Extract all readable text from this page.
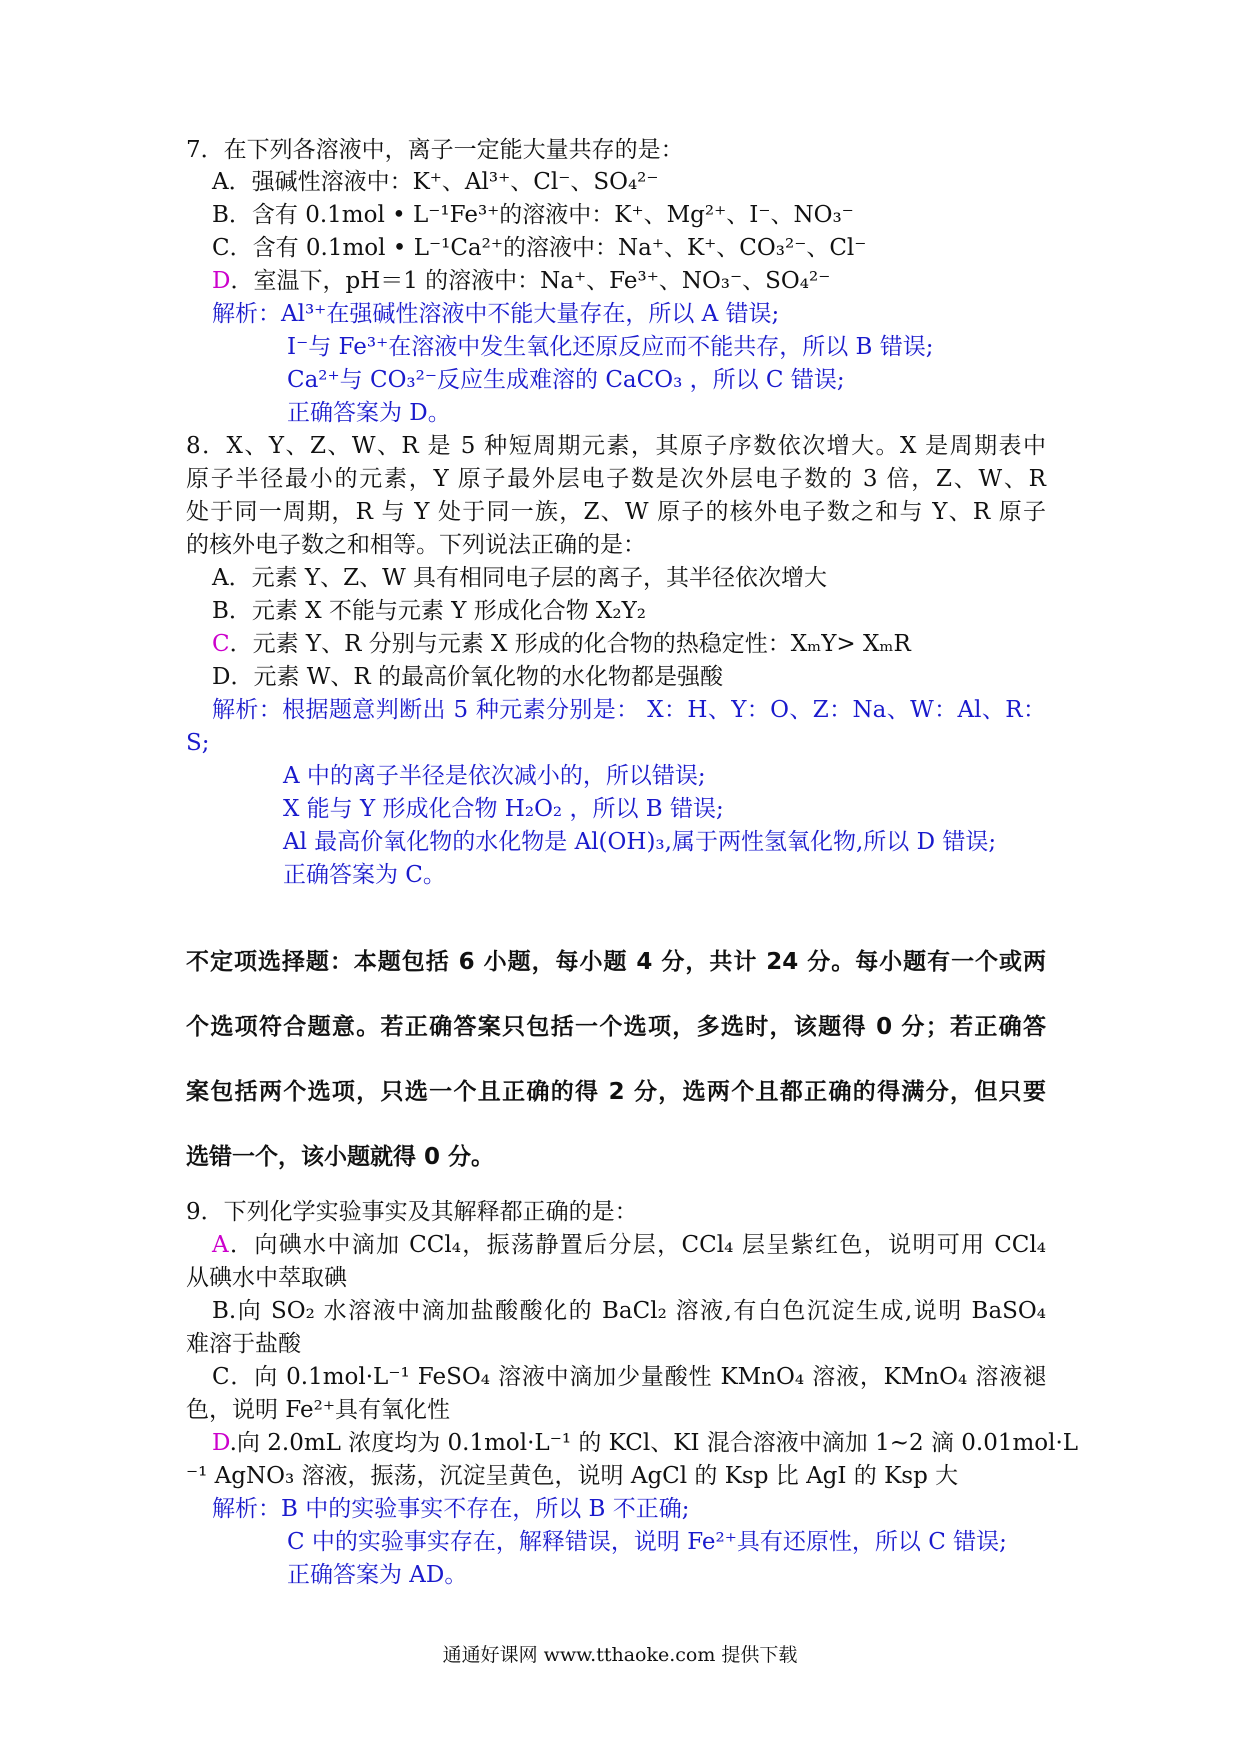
7．在下列各溶液中，离子一定能大量共存的是：
A．强碱性溶液中：K⁺、Al³⁺、Cl⁻、SO₄²⁻
B．含有 0.1mol • L⁻¹Fe³⁺的溶液中：K⁺、Mg²⁺、I⁻、NO₃⁻
C．含有 0.1mol • L⁻¹Ca²⁺的溶液中：Na⁺、K⁺、CO₃²⁻、Cl⁻
D．室温下，pH＝1 的溶液中：Na⁺、Fe³⁺、NO₃⁻、SO₄²⁻
解析：Al³⁺在强碱性溶液中不能大量存在，所以 A 错误;
I⁻与 Fe³⁺在溶液中发生氧化还原反应而不能共存，所以 B 错误;
Ca²⁺与 CO₃²⁻反应生成难溶的 CaCO₃ ，所以 C 错误;
正确答案为 D。
8．X、Y、Z、W、R 是 5 种短周期元素，其原子序数依次增大。X 是周期表中
原子半径最小的元素，Y 原子最外层电子数是次外层电子数的 3 倍，Z、W、R
处于同一周期，R 与 Y 处于同一族，Z、W 原子的核外电子数之和与 Y、R 原子
的核外电子数之和相等。下列说法正确的是：
A．元素 Y、Z、W 具有相同电子层的离子，其半径依次增大
B．元素 X 不能与元素 Y 形成化合物 X₂Y₂
C．元素 Y、R 分别与元素 X 形成的化合物的热稳定性：XₘY> XₘR
D．元素 W、R 的最高价氧化物的水化物都是强酸
解析：根据题意判断出 5 种元素分别是： X：H、Y：O、Z：Na、W：Al、R：
S;
A 中的离子半径是依次减小的，所以错误;
X 能与 Y 形成化合物 H₂O₂ ，所以 B 错误;
Al 最高价氧化物的水化物是 Al(OH)₃,属于两性氢氧化物,所以 D 错误;
正确答案为 C。
不定项选择题：本题包括 6 小题，每小题 4 分，共计 24 分。每小题有一个或两
个选项符合题意。若正确答案只包括一个选项，多选时，该题得 0 分；若正确答
案包括两个选项，只选一个且正确的得 2 分，选两个且都正确的得满分，但只要
选错一个，该小题就得 0 分。
9．下列化学实验事实及其解释都正确的是：
A．向碘水中滴加 CCl₄，振荡静置后分层，CCl₄ 层呈紫红色，说明可用 CCl₄
从碘水中萃取碘
B.向 SO₂ 水溶液中滴加盐酸酸化的 BaCl₂ 溶液,有白色沉淀生成,说明 BaSO₄
难溶于盐酸
C．向 0.1mol·L⁻¹ FeSO₄ 溶液中滴加少量酸性 KMnO₄ 溶液，KMnO₄ 溶液褪
色，说明 Fe²⁺具有氧化性
D.向 2.0mL 浓度均为 0.1mol·L⁻¹ 的 KCl、KI 混合溶液中滴加 1~2 滴 0.01mol·L
⁻¹ AgNO₃ 溶液，振荡，沉淀呈黄色，说明 AgCl 的 Ksp 比 AgI 的 Ksp 大
解析：B 中的实验事实不存在，所以 B 不正确;
C 中的实验事实存在，解释错误，说明 Fe²⁺具有还原性，所以 C 错误;
正确答案为 AD。
通通好课网 www.tthaoke.com 提供下载
